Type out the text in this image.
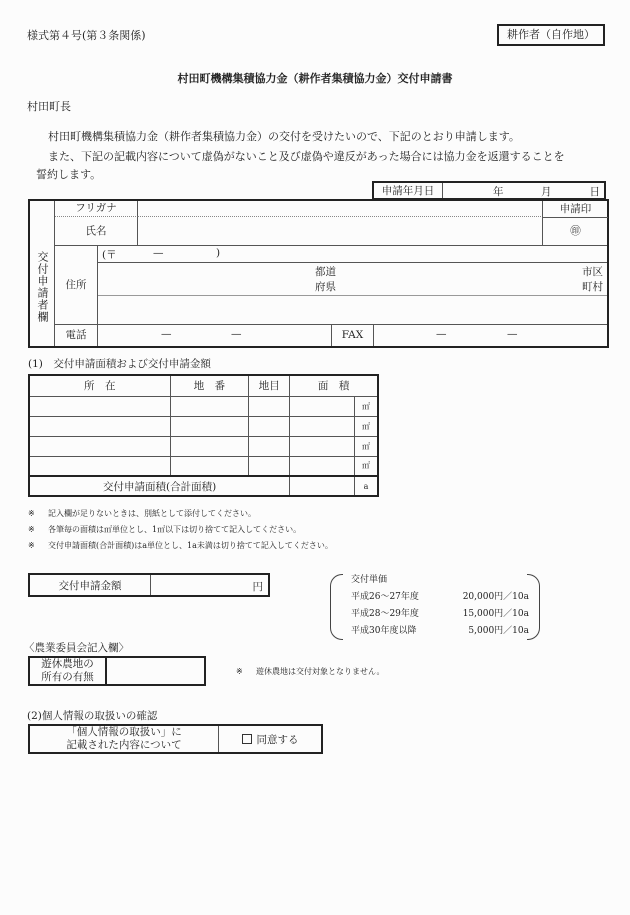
様式第４号(第３条関係)	耕作者（自作地）
村田町機構集積協力金（耕作者集積協力金）交付申請書
村田町長
村田町機構集積協力金（耕作者集積協力金）の交付を受けたいので、下記のとおり申請します。
また、下記の記載内容について虚偽がないこと及び虚偽や違反があった場合には協力金を返還することを
誓約します。
申請年月日	年	月	日
交付申請者欄
フリガナ	申請印
氏名	㊞
住所
(〒	—	)
都道
府県
市区
町村
電話	—	—	FAX	—	—
(1)　交付申請面積および交付申請金額
所　在	地　番	地目	面　積	
				㎡
				㎡
				㎡
				㎡
交付申請面積(合計面積)				a
※ 記入欄が足りないときは、別紙として添付してください。
※ 各筆毎の面積は㎡単位とし、1㎡以下は切り捨てて記入してください。
※ 交付申請面積(合計面積)はa単位とし、1a未満は切り捨てて記入してください。
交付申請金額	円
交付単価
平成26～27年度	20,000円／10a
平成28～29年度	15,000円／10a
平成30年度以降	5,000円／10a
〈農業委員会記入欄〉
遊休農地の
所有の有無		※ 遊休農地は交付対象となりません。
(2)個人情報の取扱いの確認
「個人情報の取扱い」に
記載された内容について	同意する
